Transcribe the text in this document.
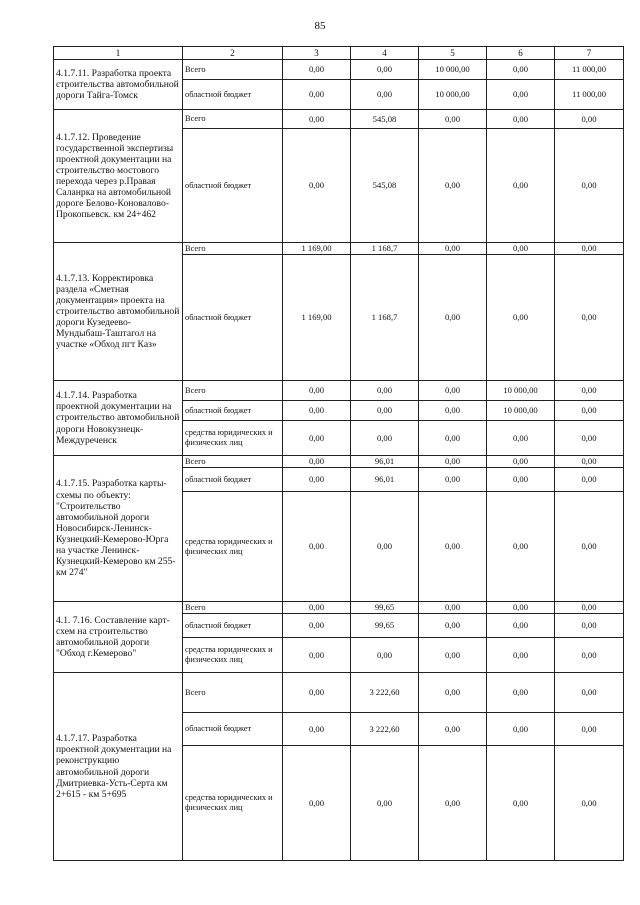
85
1	2	3	4	5	6	7
4.1.7.11. Разработка проекта строительства автомобильной дороги Тайга-Томск	Всего	0,00	0,00	10 000,00	0,00	11 000,00
	областной бюджет	0,00	0,00	10 000,00	0,00	11 000,00
4.1.7.12. Проведение государственной экспертизы проектной документации на строительство мостового перехода через р.Правая Саланрка на автомобильной дороге Белово-Коновалово-Прокопьевск. км 24+462	Всего	0,00	545,08	0,00	0,00	0,00
	областной бюджет	0,00	545,08	0,00	0,00	0,00
4.1.7.13. Корректировка раздела «Сметная документация» проекта на строительство автомобильной дороги Кузедеево-Мундыбаш-Таштагол на участке «Обход пгт Каз»	Всего	1 169,00	1 168,7	0,00	0,00	0,00
	областной бюджет	1 169,00	1 168,7	0,00	0,00	0,00
4.1.7.14. Разработка проектной документации на строительство автомобильной дороги Новокузнецк-Междуреченск	Всего	0,00	0,00	0,00	10 000,00	0,00
	областной бюджет	0,00	0,00	0,00	10 000,00	0,00
	средства юридических и физических лиц	0,00	0,00	0,00	0,00	0,00
4.1.7.15. Разработка карты-схемы по объекту: "Строительство автомобильной дороги Новосибирск-Ленинск-Кузнецкий-Кемерово-Юрга на участке Ленинск-Кузнецкий-Кемерово км 255-км 274"	Всего	0,00	96,01	0,00	0,00	0,00
	областной бюджет	0,00	96,01	0,00	0,00	0,00
	средства юридических и физических лиц	0,00	0,00	0,00	0,00	0,00
4.1. 7.16. Составление карт-схем на строительство автомобильной дороги "Обход г.Кемерово"	Всего	0,00	99,65	0,00	0,00	0,00
	областной бюджет	0,00	99,65	0,00	0,00	0,00
	средства юридических и физических лиц	0,00	0,00	0,00	0,00	0,00
4.1.7.17. Разработка проектной документации на реконструкцию автомобильной дороги Дмитриевка-Усть-Серта км 2+615 - км 5+695	Всего	0,00	3 222,60	0,00	0,00	0,00
	областной бюджет	0,00	3 222,60	0,00	0,00	0,00
	средства юридических и физических лиц	0,00	0,00	0,00	0,00	0,00
